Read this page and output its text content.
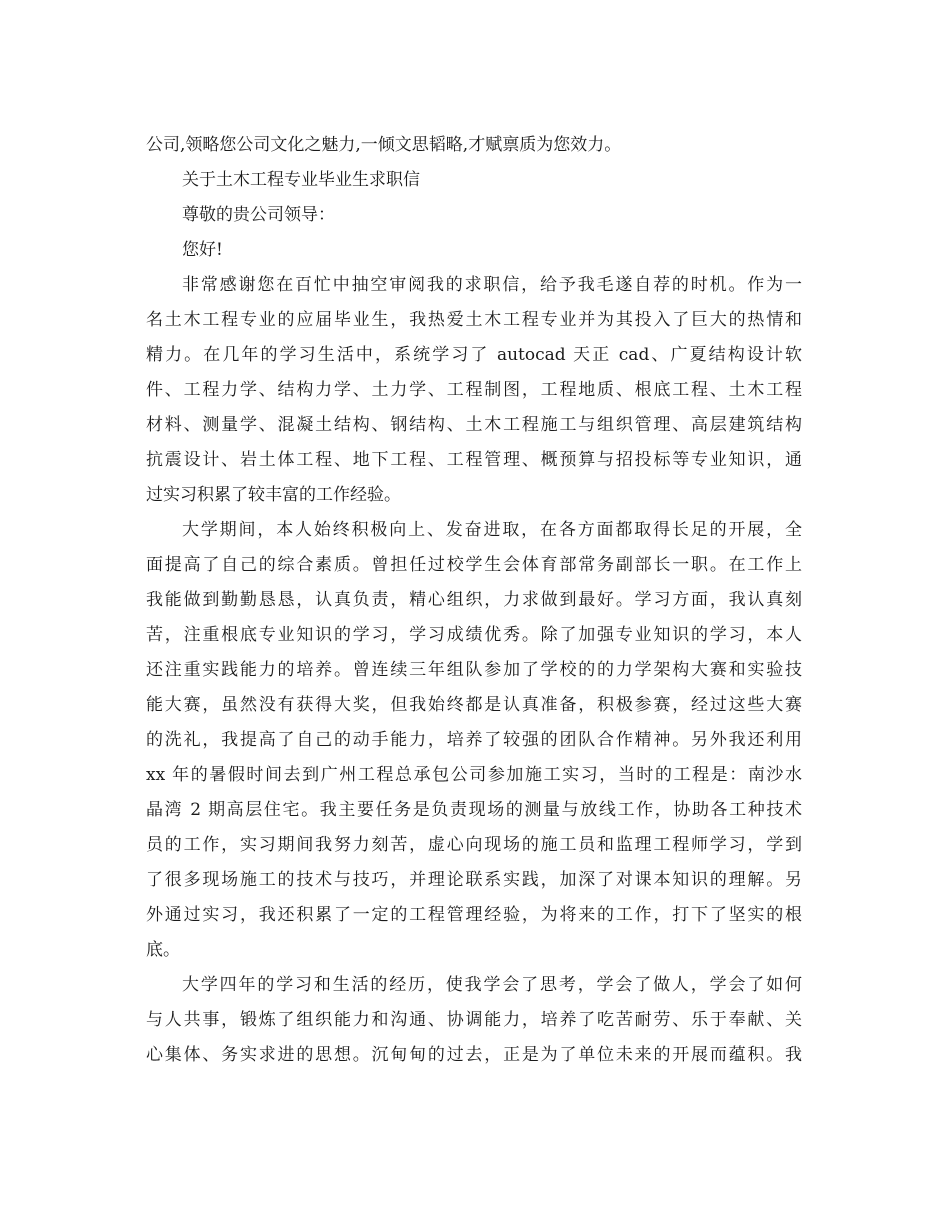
公司,领略您公司文化之魅力,一倾文思韬略,才赋禀质为您效力。
关于土木工程专业毕业生求职信
尊敬的贵公司领导：
您好!
非常感谢您在百忙中抽空审阅我的求职信，给予我毛遂自荐的时机。作为一
名土木工程专业的应届毕业生，我热爱土木工程专业并为其投入了巨大的热情和
精力。在几年的学习生活中，系统学习了 autocad 天正 cad、广夏结构设计软
件、工程力学、结构力学、土力学、工程制图，工程地质、根底工程、土木工程
材料、测量学、混凝土结构、钢结构、土木工程施工与组织管理、高层建筑结构
抗震设计、岩土体工程、地下工程、工程管理、概预算与招投标等专业知识，通
过实习积累了较丰富的工作经验。
大学期间，本人始终积极向上、发奋进取，在各方面都取得长足的开展，全
面提高了自己的综合素质。曾担任过校学生会体育部常务副部长一职。在工作上
我能做到勤勤恳恳，认真负责，精心组织，力求做到最好。学习方面，我认真刻
苦，注重根底专业知识的学习，学习成绩优秀。除了加强专业知识的学习，本人
还注重实践能力的培养。曾连续三年组队参加了学校的的力学架构大赛和实验技
能大赛，虽然没有获得大奖，但我始终都是认真准备，积极参赛，经过这些大赛
的洗礼，我提高了自己的动手能力，培养了较强的团队合作精神。另外我还利用
xx 年的暑假时间去到广州工程总承包公司参加施工实习，当时的工程是：南沙水
晶湾 2 期高层住宅。我主要任务是负责现场的测量与放线工作，协助各工种技术
员的工作，实习期间我努力刻苦，虚心向现场的施工员和监理工程师学习，学到
了很多现场施工的技术与技巧，并理论联系实践，加深了对课本知识的理解。另
外通过实习，我还积累了一定的工程管理经验，为将来的工作，打下了坚实的根
底。
大学四年的学习和生活的经历，使我学会了思考，学会了做人，学会了如何
与人共事，锻炼了组织能力和沟通、协调能力，培养了吃苦耐劳、乐于奉献、关
心集体、务实求进的思想。沉甸甸的过去，正是为了单位未来的开展而蕴积。我
